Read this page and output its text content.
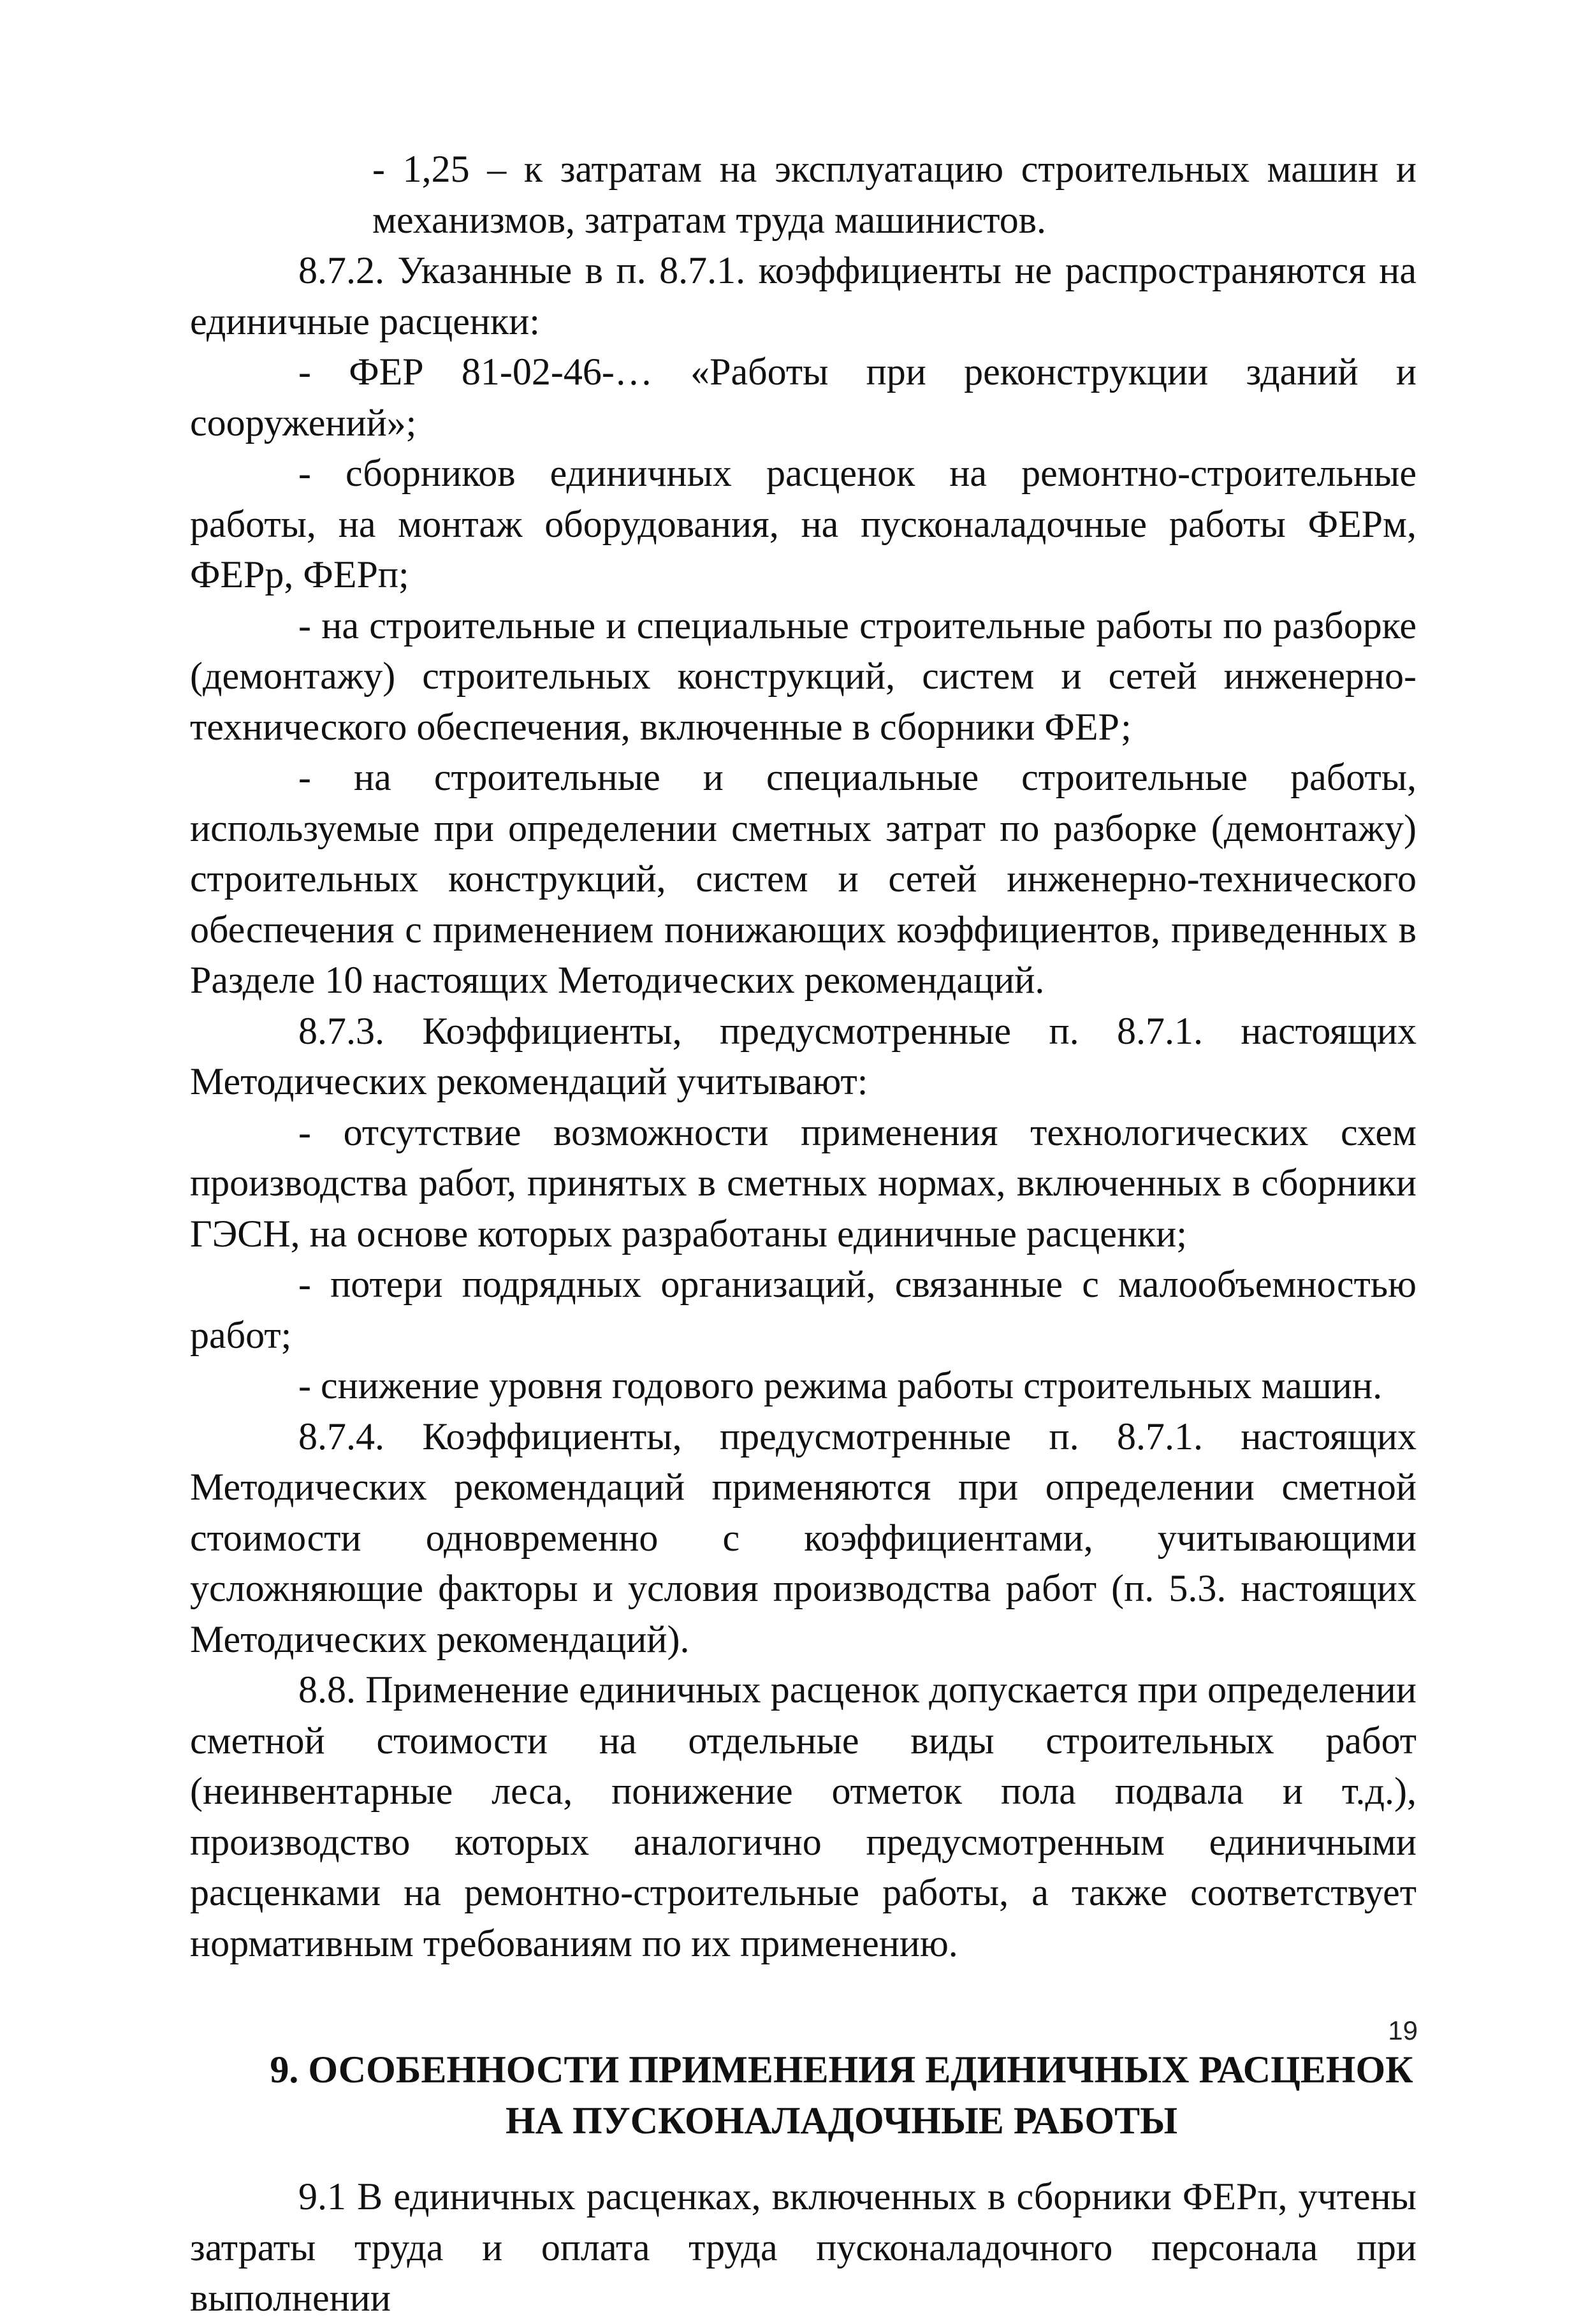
- 1,25 – к затратам на эксплуатацию строительных машин и механизмов, затратам труда машинистов.

8.7.2. Указанные в п. 8.7.1. коэффициенты не распространяются на единичные расценки:

- ФЕР 81-02-46-… «Работы при реконструкции зданий и сооружений»;

- сборников единичных расценок на ремонтно-строительные работы, на монтаж оборудования, на пусконаладочные работы ФЕРм, ФЕРр, ФЕРп;

- на строительные и специальные строительные работы по разборке (демонтажу) строительных конструкций, систем и сетей инженерно-технического обеспечения, включенные в сборники ФЕР;

- на строительные и специальные строительные работы, используемые при определении сметных затрат по разборке (демонтажу) строительных конструкций, систем и сетей инженерно-технического обеспечения с применением понижающих коэффициентов, приведенных в Разделе 10 настоящих Методических рекомендаций.

8.7.3. Коэффициенты, предусмотренные п. 8.7.1. настоящих Методических рекомендаций учитывают:

- отсутствие возможности применения технологических схем производства работ, принятых в сметных нормах, включенных в сборники ГЭСН, на основе которых разработаны единичные расценки;

- потери подрядных организаций, связанные с малообъемностью работ;

- снижение уровня годового режима работы строительных машин.

8.7.4. Коэффициенты, предусмотренные п. 8.7.1. настоящих Методических рекомендаций применяются при определении сметной стоимости одновременно с коэффициентами, учитывающими усложняющие факторы и условия производства работ (п. 5.3. настоящих Методических рекомендаций).

8.8. Применение единичных расценок допускается при определении сметной стоимости на отдельные виды строительных работ (неинвентарные леса, понижение отметок пола подвала и т.д.), производство которых аналогично предусмотренным единичными расценками на ремонтно-строительные работы, а также соответствует нормативным требованиям по их применению.

9. ОСОБЕННОСТИ ПРИМЕНЕНИЯ ЕДИНИЧНЫХ РАСЦЕНОК
НА ПУСКОНАЛАДОЧНЫЕ РАБОТЫ

9.1 В единичных расценках, включенных в сборники ФЕРп, учтены затраты труда и оплата труда пусконаладочного персонала при выполнении

19
